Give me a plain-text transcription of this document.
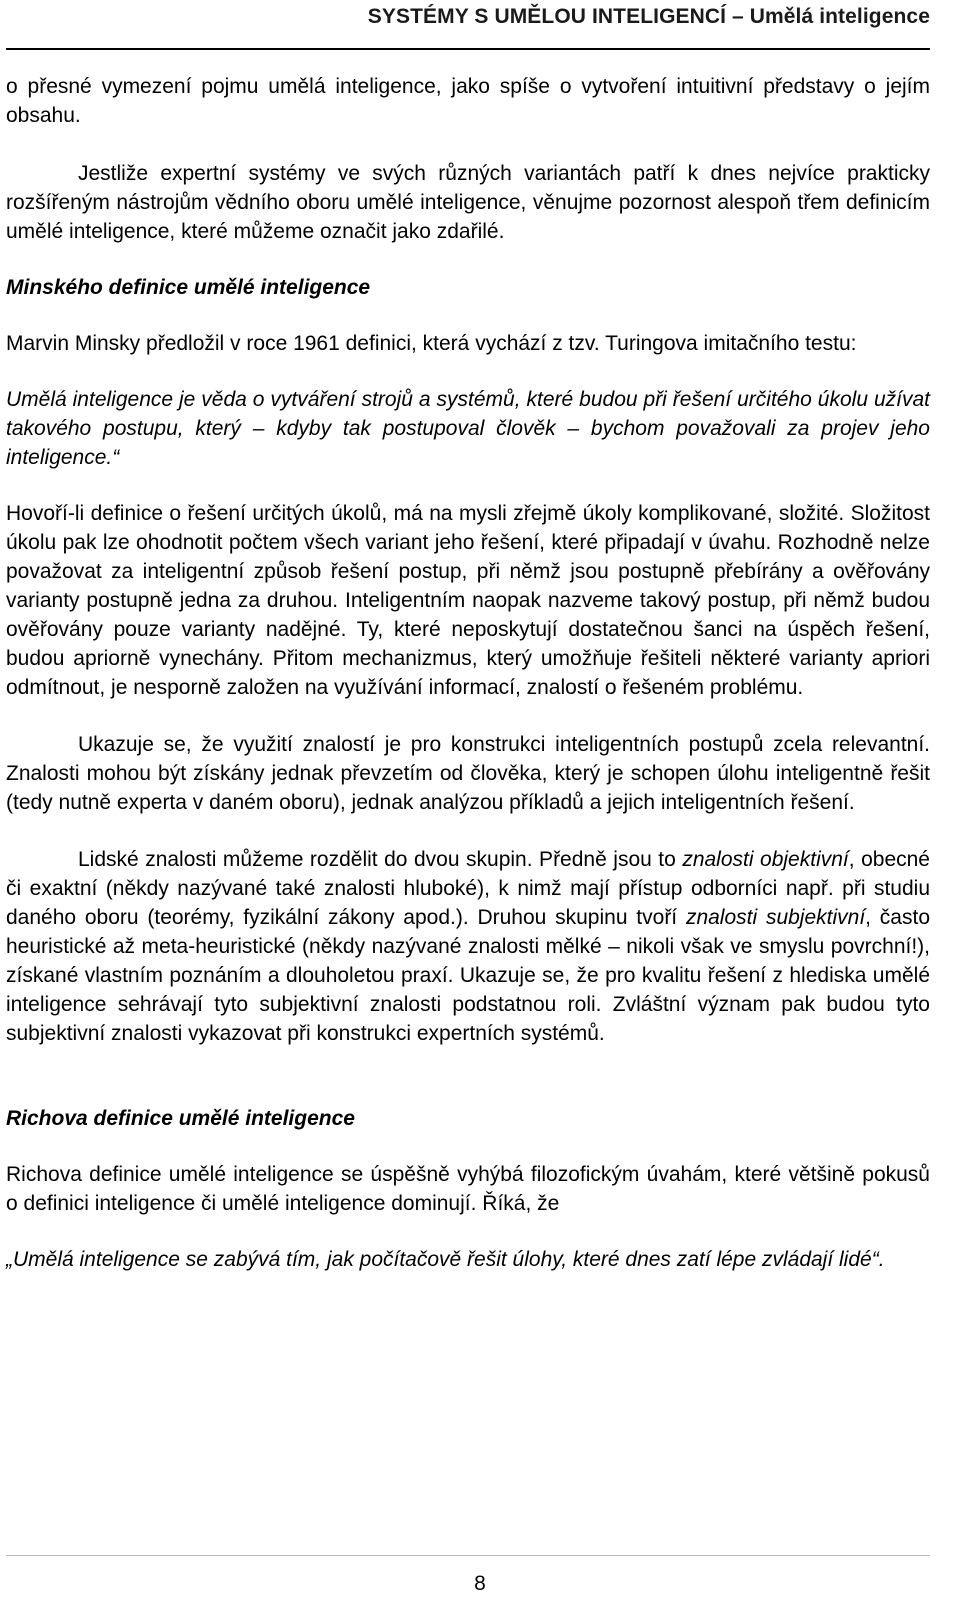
SYSTÉMY S UMĚLOU INTELIGENCÍ – Umělá inteligence

o přesné vymezení pojmu umělá inteligence, jako spíše o vytvoření intuitivní představy o jejím obsahu.

Jestliže expertní systémy ve svých různých variantách patří k dnes nejvíce prakticky rozšířeným nástrojům vědního oboru umělé inteligence, věnujme pozornost alespoň třem definicím umělé inteligence, které můžeme označit jako zdařilé.

Minského definice umělé inteligence

Marvin Minsky předložil v roce 1961 definici, která vychází z tzv. Turingova imitačního testu:

Umělá inteligence je věda o vytváření strojů a systémů, které budou při řešení určitého úkolu užívat takového postupu, který – kdyby tak postupoval člověk – bychom považovali za projev jeho inteligence.“

Hovoří-li definice o řešení určitých úkolů, má na mysli zřejmě úkoly komplikované, složité. Složitost úkolu pak lze ohodnotit počtem všech variant jeho řešení, které připadají v úvahu. Rozhodně nelze považovat za inteligentní způsob řešení postup, při němž jsou postupně přebírány a ověřovány varianty postupně jedna za druhou. Inteligentním naopak nazveme takový postup, při němž budou ověřovány pouze varianty nadějné. Ty, které neposkytují dostatečnou šanci na úspěch řešení, budou apriorně vynechány. Přitom mechanizmus, který umožňuje řešiteli některé varianty apriori odmítnout, je nesporně založen na využívání informací, znalostí o řešeném problému.

Ukazuje se, že využití znalostí je pro konstrukci inteligentních postupů zcela relevantní. Znalosti mohou být získány jednak převzetím od člověka, který je schopen úlohu inteligentně řešit (tedy nutně experta v daném oboru), jednak analýzou příkladů a jejich inteligentních řešení.

Lidské znalosti můžeme rozdělit do dvou skupin. Předně jsou to znalosti objektivní, obecné či exaktní (někdy nazývané také znalosti hluboké), k nimž mají přístup odborníci např. při studiu daného oboru (teorémy, fyzikální zákony apod.). Druhou skupinu tvoří znalosti subjektivní, často heuristické až meta-heuristické (někdy nazývané znalosti mělké – nikoli však ve smyslu povrchní!), získané vlastním poznáním a dlouholetou praxí. Ukazuje se, že pro kvalitu řešení z hlediska umělé inteligence sehrávají tyto subjektivní znalosti podstatnou roli. Zvláštní význam pak budou tyto subjektivní znalosti vykazovat při konstrukci expertních systémů.

Richova definice umělé inteligence

Richova definice umělé inteligence se úspěšně vyhýbá filozofickým úvahám, které většině pokusů o definici inteligence či umělé inteligence dominují. Říká, že

„Umělá inteligence se zabývá tím, jak počítačově řešit úlohy, které dnes zatí lépe zvládají lidé“.

8
